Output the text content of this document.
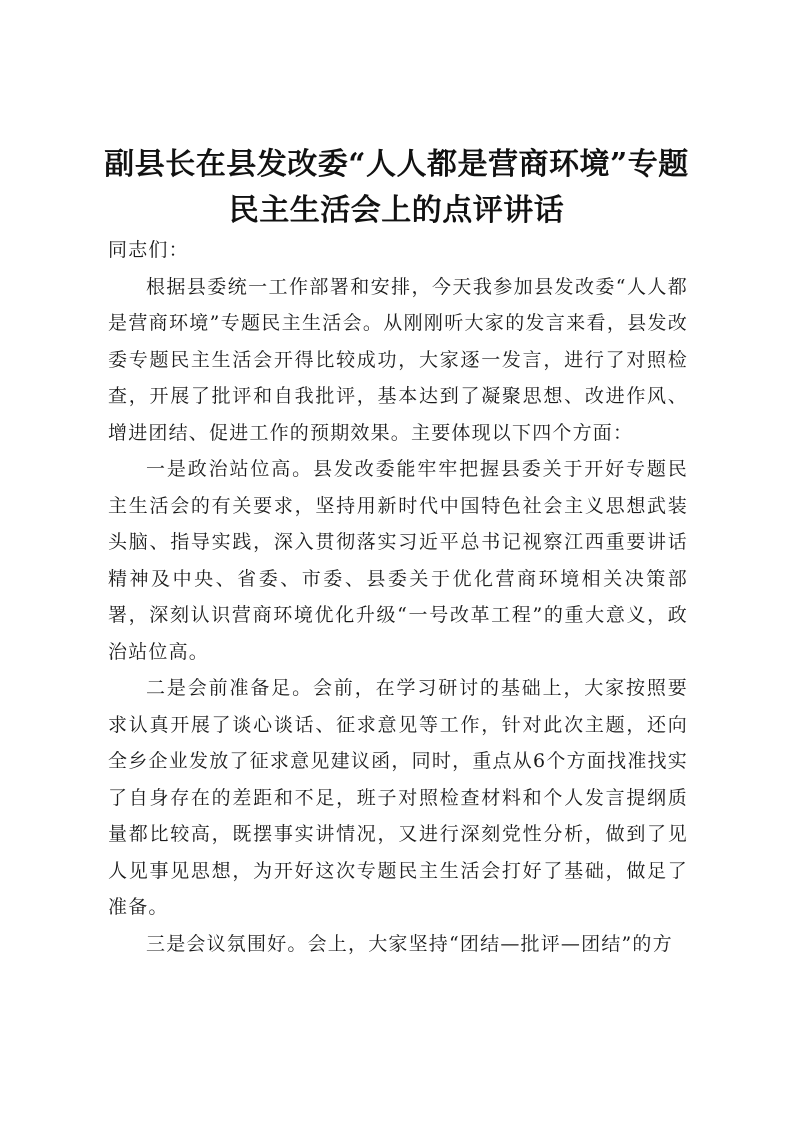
副县长在县发改委“人人都是营商环境”专题
民主生活会上的点评讲话

同志们：

根据县委统一工作部署和安排，今天我参加县发改委“人人都是营商环境”专题民主生活会。从刚刚听大家的发言来看，县发改委专题民主生活会开得比较成功，大家逐一发言，进行了对照检查，开展了批评和自我批评，基本达到了凝聚思想、改进作风、增进团结、促进工作的预期效果。主要体现以下四个方面：

一是政治站位高。县发改委能牢牢把握县委关于开好专题民主生活会的有关要求，坚持用新时代中国特色社会主义思想武装头脑、指导实践，深入贯彻落实习近平总书记视察江西重要讲话精神及中央、省委、市委、县委关于优化营商环境相关决策部署，深刻认识营商环境优化升级“一号改革工程”的重大意义，政治站位高。

二是会前准备足。会前，在学习研讨的基础上，大家按照要求认真开展了谈心谈话、征求意见等工作，针对此次主题，还向全乡企业发放了征求意见建议函，同时，重点从6个方面找准找实了自身存在的差距和不足，班子对照检查材料和个人发言提纲质量都比较高，既摆事实讲情况，又进行深刻党性分析，做到了见人见事见思想，为开好这次专题民主生活会打好了基础，做足了准备。

三是会议氛围好。会上，大家坚持“团结—批评—团结”的方
